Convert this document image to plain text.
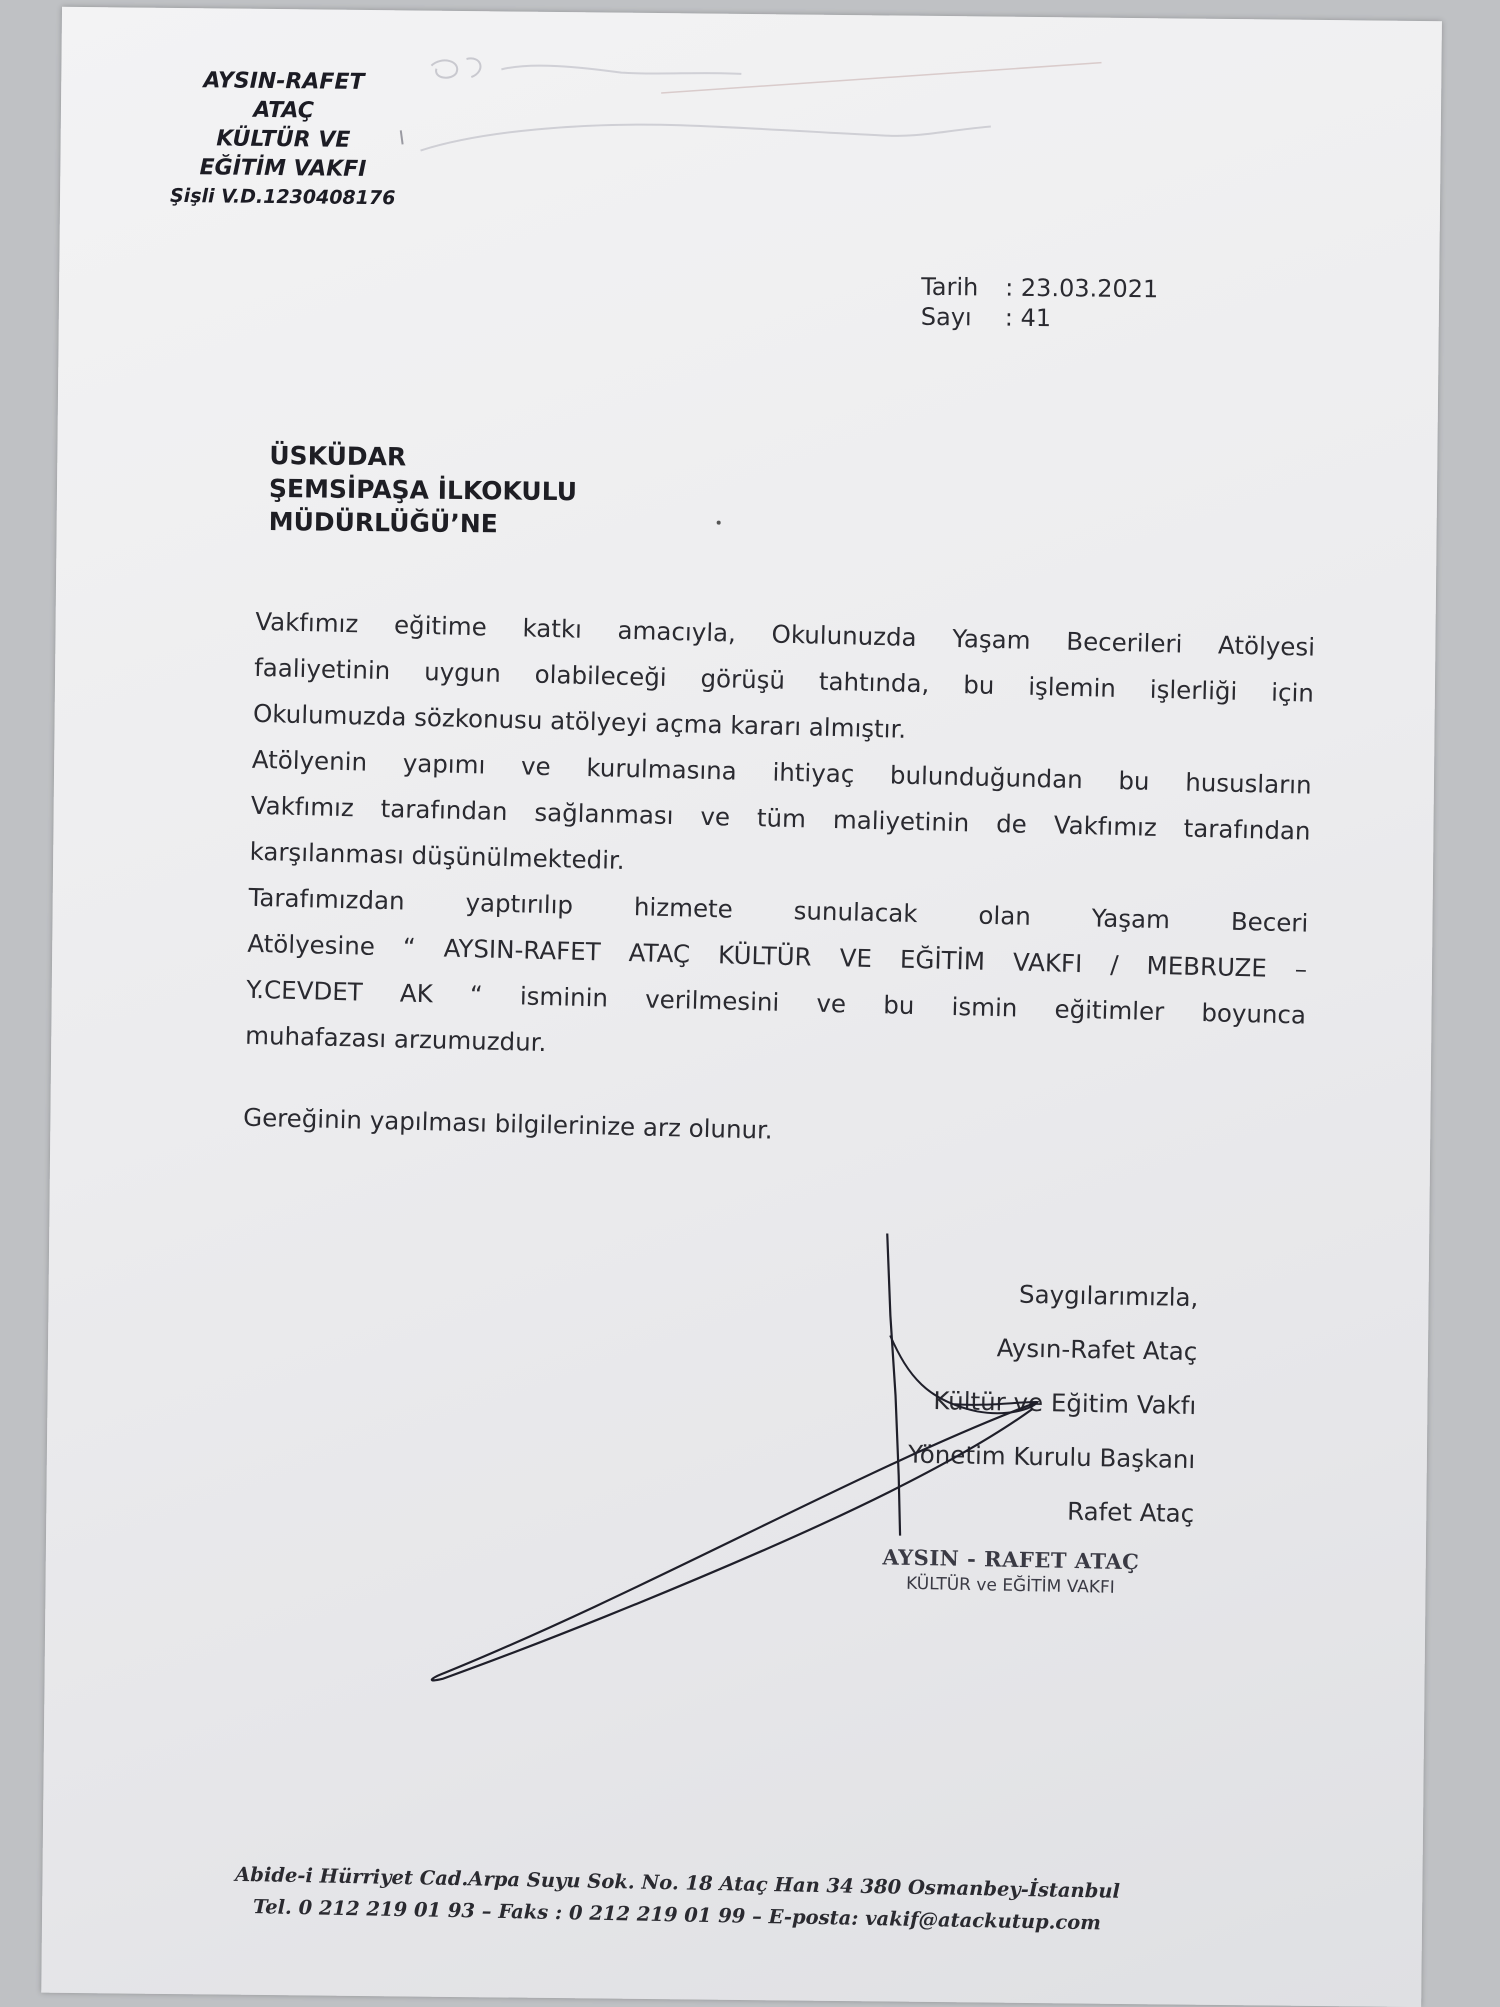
AYSIN-RAFET
ATAÇ
KÜLTÜR VE
EĞİTİM VAKFI
Şişli V.D.1230408176
Tarih	: 23.03.2021
Sayı	: 41
ÜSKÜDAR
ŞEMSİPAŞA İLKOKULU
MÜDÜRLÜĞÜ’NE
Vakfımız eğitime katkı amacıyla, Okulunuzda Yaşam Becerileri Atölyesi
faaliyetinin uygun olabileceği görüşü tahtında, bu işlemin işlerliği için
Okulumuzda sözkonusu atölyeyi açma kararı almıştır.
Atölyenin yapımı ve kurulmasına ihtiyaç bulunduğundan bu hususların
Vakfımız tarafından sağlanması ve tüm maliyetinin de Vakfımız tarafından
karşılanması düşünülmektedir.
Tarafımızdan yaptırılıp hizmete sunulacak olan Yaşam Beceri
Atölyesine “ AYSIN-RAFET ATAÇ KÜLTÜR VE EĞİTİM VAKFI / MEBRUZE –
Y.CEVDET AK “ isminin verilmesini ve bu ismin eğitimler boyunca
muhafazası arzumuzdur.
Gereğinin yapılması bilgilerinize arz olunur.
Saygılarımızla,
Aysın-Rafet Ataç
Kültür ve Eğitim Vakfı
Yönetim Kurulu Başkanı
Rafet Ataç
AYSIN - RAFET ATAÇ
KÜLTÜR ve EĞİTİM VAKFI
Abide-i Hürriyet Cad.Arpa Suyu Sok. No. 18 Ataç Han 34 380 Osmanbey-İstanbul
Tel. 0 212 219 01 93 – Faks : 0 212 219 01 99 – E-posta: vakif@atackutup.com
